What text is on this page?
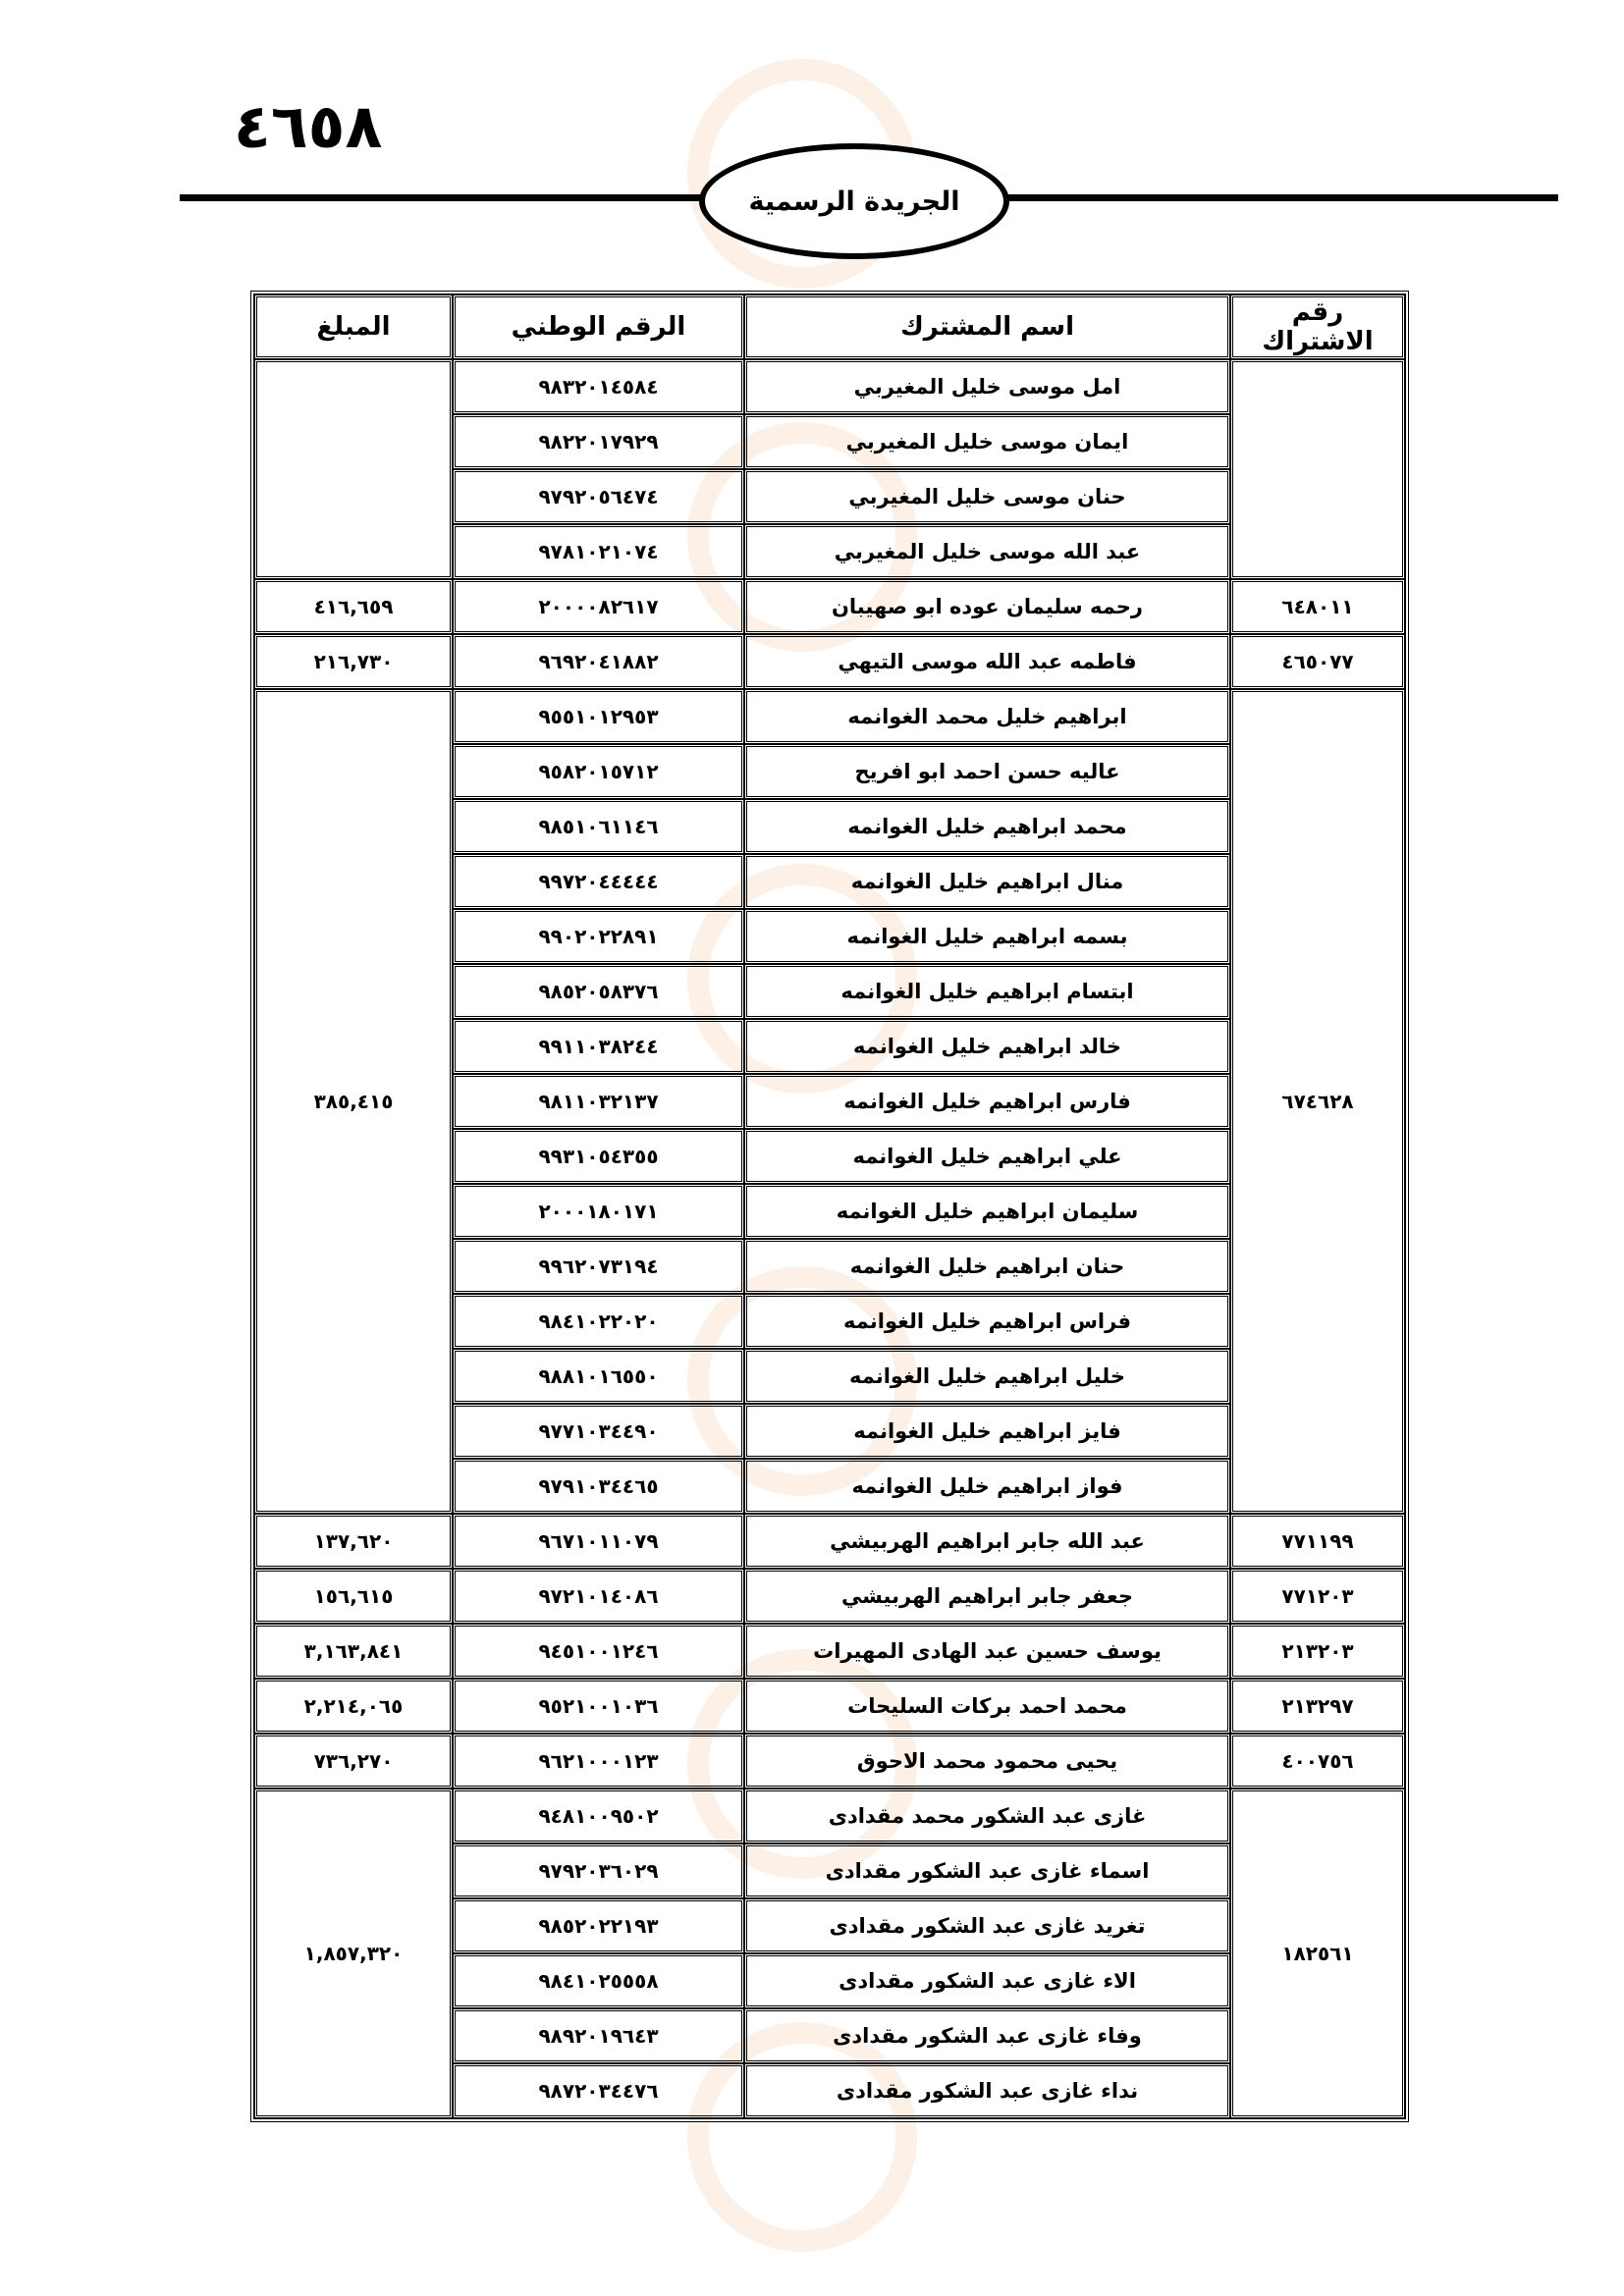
٤٦٥٨
الجريدة الرسمية
رقم الاشتراك	اسم المشترك	الرقم الوطني	المبلغ
	امل موسى خليل المغيربي	٩٨٣٢٠١٤٥٨٤	
	ايمان موسى خليل المغيربي	٩٨٢٢٠١٧٩٢٩	
	حنان موسى خليل المغيربي	٩٧٩٢٠٥٦٤٧٤	
	عبد الله موسى خليل المغيربي	٩٧٨١٠٢١٠٧٤	
٦٤٨٠١١	رحمه سليمان عوده ابو صهيبان	٢٠٠٠٠٨٢٦١٧	٤١٦,٦٥٩
٤٦٥٠٧٧	فاطمه عبد الله موسى التيهي	٩٦٩٢٠٤١٨٨٢	٢١٦,٧٣٠
٦٧٤٦٢٨	ابراهيم خليل محمد الغوانمه	٩٥٥١٠١٢٩٥٣	٣٨٥,٤١٥
	عاليه حسن احمد ابو افريح	٩٥٨٢٠١٥٧١٢	
	محمد ابراهيم خليل الغوانمه	٩٨٥١٠٦١١٤٦	
	منال ابراهيم خليل الغوانمه	٩٩٧٢٠٤٤٤٤٤	
	بسمه ابراهيم خليل الغوانمه	٩٩٠٢٠٢٢٨٩١	
	ابتسام ابراهيم خليل الغوانمه	٩٨٥٢٠٥٨٣٧٦	
	خالد ابراهيم خليل الغوانمه	٩٩١١٠٣٨٢٤٤	
	فارس ابراهيم خليل الغوانمه	٩٨١١٠٣٢١٣٧	
	علي ابراهيم خليل الغوانمه	٩٩٣١٠٥٤٣٥٥	
	سليمان ابراهيم خليل الغوانمه	٢٠٠٠١٨٠١٧١	
	حنان ابراهيم خليل الغوانمه	٩٩٦٢٠٧٣١٩٤	
	فراس ابراهيم خليل الغوانمه	٩٨٤١٠٢٢٠٢٠	
	خليل ابراهيم خليل الغوانمه	٩٨٨١٠١٦٥٥٠	
	فايز ابراهيم خليل الغوانمه	٩٧٧١٠٣٤٤٩٠	
	فواز ابراهيم خليل الغوانمه	٩٧٩١٠٣٤٤٦٥	
٧٧١١٩٩	عبد الله جابر ابراهيم الهربيشي	٩٦٧١٠١١٠٧٩	١٣٧,٦٢٠
٧٧١٢٠٣	جعفر جابر ابراهيم الهربيشي	٩٧٢١٠١٤٠٨٦	١٥٦,٦١٥
٢١٣٢٠٣	يوسف حسين عبد الهادى المهيرات	٩٤٥١٠٠١٢٤٦	٣,١٦٣,٨٤١
٢١٣٢٩٧	محمد احمد بركات السليحات	٩٥٢١٠٠١٠٣٦	٢,٢١٤,٠٦٥
٤٠٠٧٥٦	يحيى محمود محمد الاحوق	٩٦٢١٠٠٠١٢٣	٧٣٦,٢٧٠
١٨٢٥٦١	غازى عبد الشكور محمد مقدادى	٩٤٨١٠٠٩٥٠٢	١,٨٥٧,٣٢٠
	اسماء غازى عبد الشكور مقدادى	٩٧٩٢٠٣٦٠٢٩	
	تغريد غازى عبد الشكور مقدادى	٩٨٥٢٠٢٢١٩٣	
	الاء غازى عبد الشكور مقدادى	٩٨٤١٠٢٥٥٥٨	
	وفاء غازى عبد الشكور مقدادى	٩٨٩٢٠١٩٦٤٣	
	نداء غازى عبد الشكور مقدادى	٩٨٧٢٠٣٤٤٧٦	
